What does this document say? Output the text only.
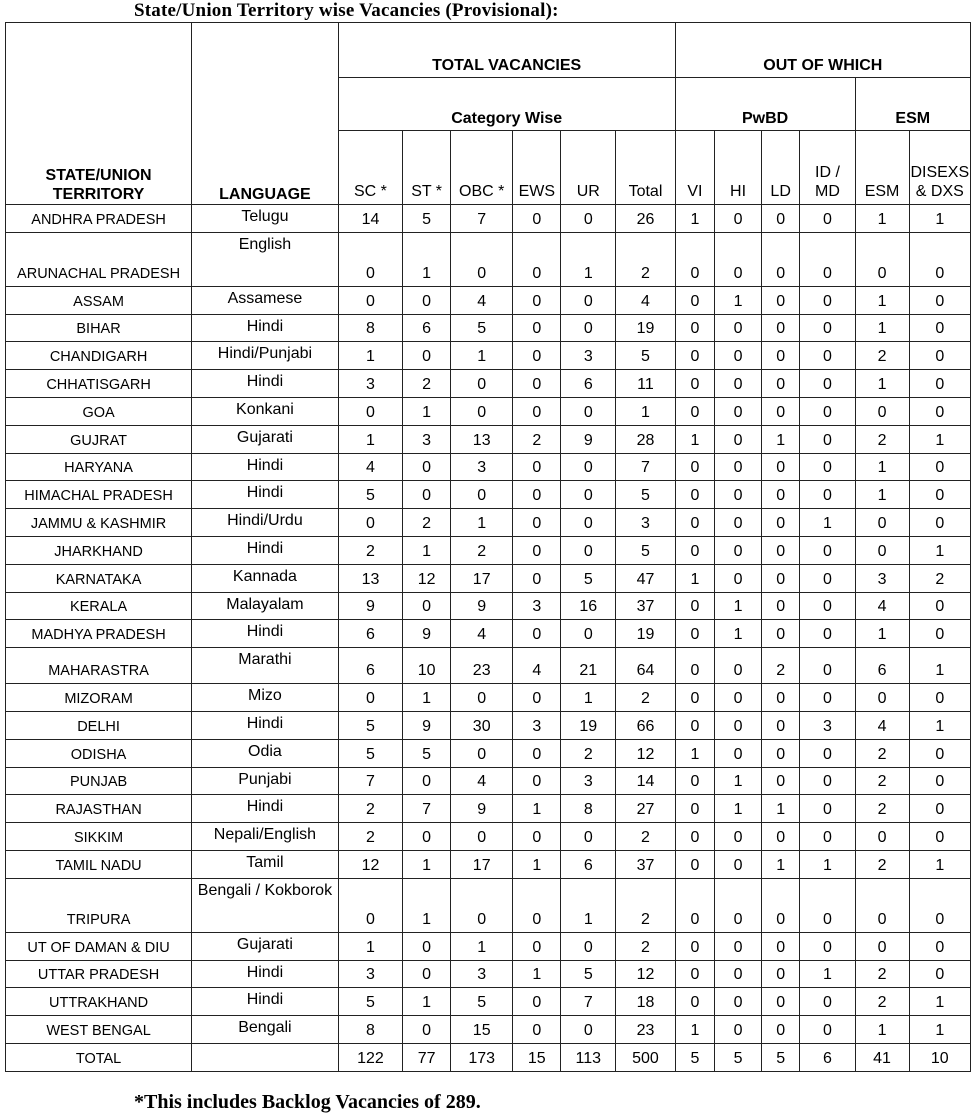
State/Union Territory wise Vacancies (Provisional):
STATE/UNION TERRITORY	LANGUAGE	TOTAL VACANCIES						OUT OF WHICH					
		Category Wise						PwBD				ESM	
		SC *	ST *	OBC *	EWS	UR	Total	VI	HI	LD	ID / MD	ESM	DISEXS & DXS
ANDHRA PRADESH	Telugu	14	5	7	0	0	26	1	0	0	0	1	1
ARUNACHAL PRADESH	English	0	1	0	0	1	2	0	0	0	0	0	0
ASSAM	Assamese	0	0	4	0	0	4	0	1	0	0	1	0
BIHAR	Hindi	8	6	5	0	0	19	0	0	0	0	1	0
CHANDIGARH	Hindi/Punjabi	1	0	1	0	3	5	0	0	0	0	2	0
CHHATISGARH	Hindi	3	2	0	0	6	11	0	0	0	0	1	0
GOA	Konkani	0	1	0	0	0	1	0	0	0	0	0	0
GUJRAT	Gujarati	1	3	13	2	9	28	1	0	1	0	2	1
HARYANA	Hindi	4	0	3	0	0	7	0	0	0	0	1	0
HIMACHAL PRADESH	Hindi	5	0	0	0	0	5	0	0	0	0	1	0
JAMMU & KASHMIR	Hindi/Urdu	0	2	1	0	0	3	0	0	0	1	0	0
JHARKHAND	Hindi	2	1	2	0	0	5	0	0	0	0	0	1
KARNATAKA	Kannada	13	12	17	0	5	47	1	0	0	0	3	2
KERALA	Malayalam	9	0	9	3	16	37	0	1	0	0	4	0
MADHYA PRADESH	Hindi	6	9	4	0	0	19	0	1	0	0	1	0
MAHARASTRA	Marathi	6	10	23	4	21	64	0	0	2	0	6	1
MIZORAM	Mizo	0	1	0	0	1	2	0	0	0	0	0	0
DELHI	Hindi	5	9	30	3	19	66	0	0	0	3	4	1
ODISHA	Odia	5	5	0	0	2	12	1	0	0	0	2	0
PUNJAB	Punjabi	7	0	4	0	3	14	0	1	0	0	2	0
RAJASTHAN	Hindi	2	7	9	1	8	27	0	1	1	0	2	0
SIKKIM	Nepali/English	2	0	0	0	0	2	0	0	0	0	0	0
TAMIL NADU	Tamil	12	1	17	1	6	37	0	0	1	1	2	1
TRIPURA	Bengali / Kokborok	0	1	0	0	1	2	0	0	0	0	0	0
UT OF DAMAN & DIU	Gujarati	1	0	1	0	0	2	0	0	0	0	0	0
UTTAR PRADESH	Hindi	3	0	3	1	5	12	0	0	0	1	2	0
UTTRAKHAND	Hindi	5	1	5	0	7	18	0	0	0	0	2	1
WEST BENGAL	Bengali	8	0	15	0	0	23	1	0	0	0	1	1
TOTAL		122	77	173	15	113	500	5	5	5	6	41	10
*This includes Backlog Vacancies of 289.
